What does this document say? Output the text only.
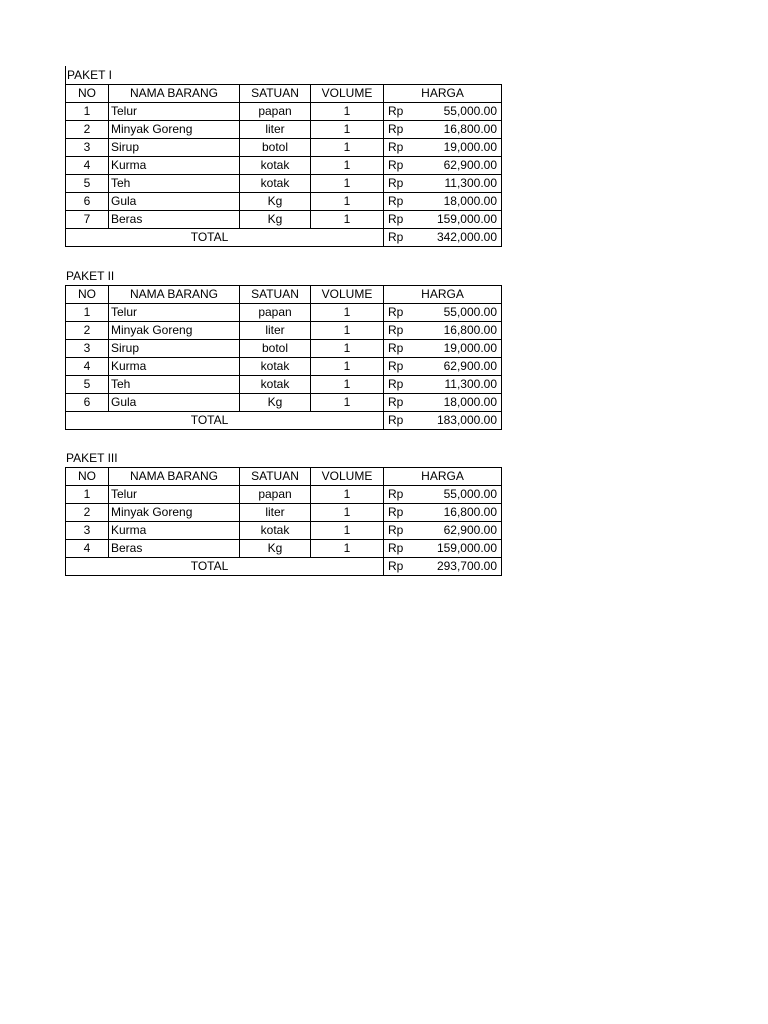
PAKET I
NO	NAMA BARANG	SATUAN	VOLUME	HARGA	
1	Telur	papan	1	Rp	55,000.00
2	Minyak Goreng	liter	1	Rp	16,800.00
3	Sirup	botol	1	Rp	19,000.00
4	Kurma	kotak	1	Rp	62,900.00
5	Teh	kotak	1	Rp	11,300.00
6	Gula	Kg	1	Rp	18,000.00
7	Beras	Kg	1	Rp	159,000.00
TOTAL				Rp	342,000.00
PAKET II
NO	NAMA BARANG	SATUAN	VOLUME	HARGA	
1	Telur	papan	1	Rp	55,000.00
2	Minyak Goreng	liter	1	Rp	16,800.00
3	Sirup	botol	1	Rp	19,000.00
4	Kurma	kotak	1	Rp	62,900.00
5	Teh	kotak	1	Rp	11,300.00
6	Gula	Kg	1	Rp	18,000.00
TOTAL				Rp	183,000.00
PAKET III
NO	NAMA BARANG	SATUAN	VOLUME	HARGA	
1	Telur	papan	1	Rp	55,000.00
2	Minyak Goreng	liter	1	Rp	16,800.00
3	Kurma	kotak	1	Rp	62,900.00
4	Beras	Kg	1	Rp	159,000.00
TOTAL				Rp	293,700.00
